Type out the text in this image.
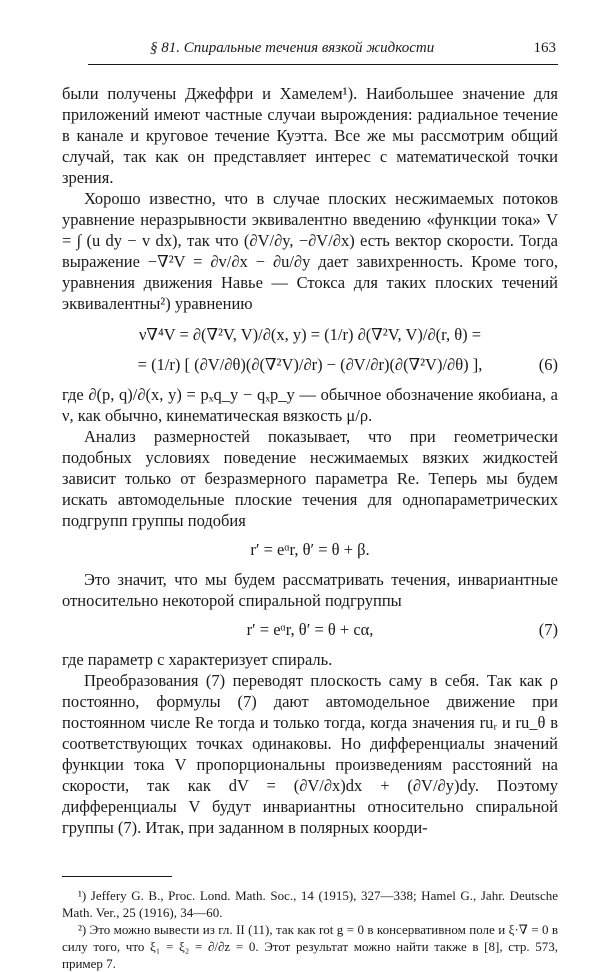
§ 81. Спиральные течения вязкой жидкости	163

были получены Джеффри и Хамелем¹). Наибольшее значение для приложений имеют частные случаи вырождения: радиальное течение в канале и круговое течение Куэтта. Все же мы рассмотрим общий случай, так как он представляет интерес с математической точки зрения.

Хорошо известно, что в случае плоских несжимаемых потоков уравнение неразрывности эквивалентно введению «функции тока» V = ∫ (u dy − v dx), так что (∂V/∂y, −∂V/∂x) есть вектор скорости. Тогда выражение −∇²V = ∂v/∂x − ∂u/∂y дает завихренность. Кроме того, уравнения движения Навье — Стокса для таких плоских течений эквивалентны²) уравнению

ν∇⁴V = ∂(∇²V, V)/∂(x, y) = (1/r) ∂(∇²V, V)/∂(r, θ) =
= (1/r) [ (∂V/∂θ)(∂(∇²V)/∂r) − (∂V/∂r)(∂(∇²V)/∂θ) ],	(6)

где ∂(p, q)/∂(x, y) = pₓq_y − qₓp_y — обычное обозначение якобиана, а ν, как обычно, кинематическая вязкость μ/ρ.

Анализ размерностей показывает, что при геометрически подобных условиях поведение несжимаемых вязких жидкостей зависит только от безразмерного параметра Re. Теперь мы будем искать автомодельные плоские течения для однопараметрических подгрупп группы подобия

r′ = eᵅr, θ′ = θ + β.

Это значит, что мы будем рассматривать течения, инвариантные относительно некоторой спиральной подгруппы

r′ = eᵅr, θ′ = θ + cα,	(7)

где параметр c характеризует спираль.

Преобразования (7) переводят плоскость саму в себя. Так как ρ постоянно, формулы (7) дают автомодельное движение при постоянном числе Re тогда и только тогда, когда значения ruᵣ и ru_θ в соответствующих точках одинаковы. Но дифференциалы значений функции тока V пропорциональны произведениям расстояний на скорости, так как dV = (∂V/∂x)dx + (∂V/∂y)dy. Поэтому дифференциалы V будут инвариантны относительно спиральной группы (7). Итак, при заданном в полярных коорди-

¹) Jeffery G. B., Proc. Lond. Math. Soc., 14 (1915), 327—338; Hamel G., Jahr. Deutsche Math. Ver., 25 (1916), 34—60.

²) Это можно вывести из гл. II (11), так как rot g = 0 в консервативном поле и ξ·∇ = 0 в силу того, что ξ₁ = ξ₂ = ∂/∂z = 0. Этот результат можно найти также в [8], стр. 573, пример 7.
